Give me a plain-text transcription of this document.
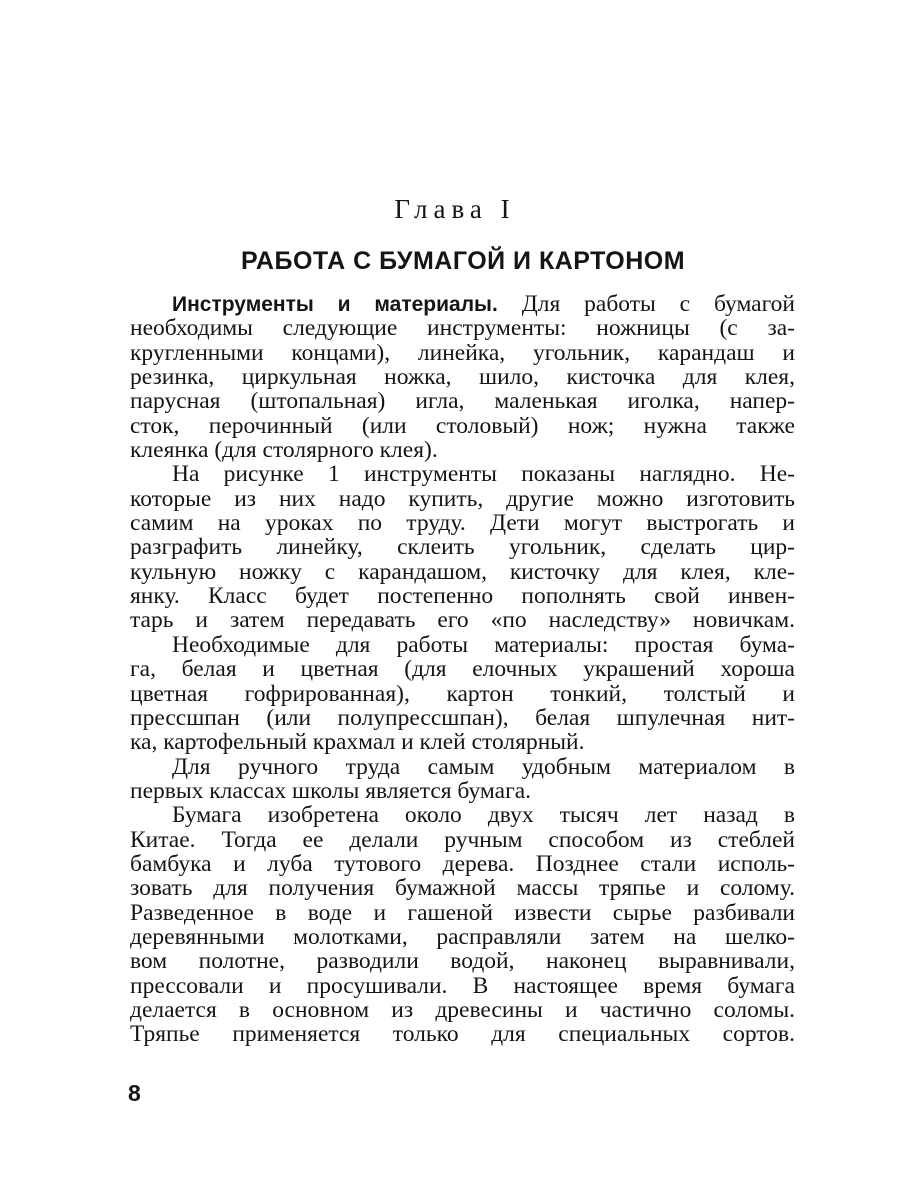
Глава I
РАБОТА С БУМАГОЙ И КАРТОНОМ

Инструменты и материалы. Для работы с бумагой
необходимы следующие инструменты: ножницы (с за-
кругленными концами), линейка, угольник, карандаш и
резинка, циркульная ножка, шило, кисточка для клея,
парусная (штопальная) игла, маленькая иголка, напер-
сток, перочинный (или столовый) нож; нужна также
клеянка (для столярного клея).

На рисунке 1 инструменты показаны наглядно. Не-
которые из них надо купить, другие можно изготовить
самим на уроках по труду. Дети могут выстрогать и
разграфить линейку, склеить угольник, сделать цир-
кульную ножку с карандашом, кисточку для клея, кле-
янку. Класс будет постепенно пополнять свой инвен-
тарь и затем передавать его «по наследству» новичкам.

Необходимые для работы материалы: простая бума-
га, белая и цветная (для елочных украшений хороша
цветная гофрированная), картон тонкий, толстый и
прессшпан (или полупрессшпан), белая шпулечная нит-
ка, картофельный крахмал и клей столярный.

Для ручного труда самым удобным материалом в
первых классах школы является бумага.

Бумага изобретена около двух тысяч лет назад в
Китае. Тогда ее делали ручным способом из стеблей
бамбука и луба тутового дерева. Позднее стали исполь-
зовать для получения бумажной массы тряпье и солому.
Разведенное в воде и гашеной извести сырье разбивали
деревянными молотками, расправляли затем на шелко-
вом полотне, разводили водой, наконец выравнивали,
прессовали и просушивали. В настоящее время бумага
делается в основном из древесины и частично соломы.
Тряпье применяется только для специальных сортов.

8
